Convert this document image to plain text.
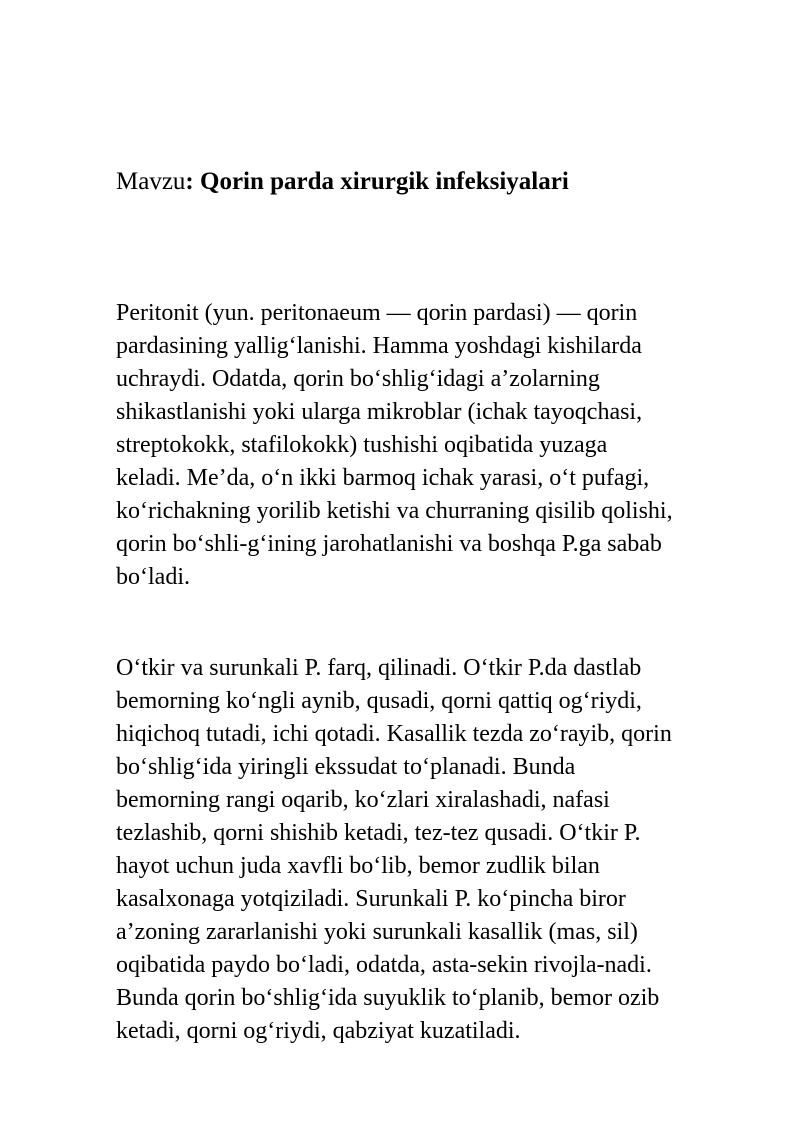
Mavzu: Qorin parda xirurgik infeksiyalari
Peritonit (yun. peritonaeum — qorin pardasi) — qorin
pardasining yallig‘lanishi. Hamma yoshdagi kishilarda
uchraydi. Odatda, qorin bo‘shlig‘idagi a’zolarning
shikastlanishi yoki ularga mikroblar (ichak tayoqchasi,
streptokokk, stafilokokk) tushishi oqibatida yuzaga
keladi. Me’da, o‘n ikki barmoq ichak yarasi, o‘t pufagi,
ko‘richakning yorilib ketishi va churraning qisilib qolishi,
qorin bo‘shli-g‘ining jarohatlanishi va boshqa P.ga sabab
bo‘ladi.
O‘tkir va surunkali P. farq, qilinadi. O‘tkir P.da dastlab
bemorning ko‘ngli aynib, qusadi, qorni qattiq og‘riydi,
hiqichoq tutadi, ichi qotadi. Kasallik tezda zo‘rayib, qorin
bo‘shlig‘ida yiringli ekssudat to‘planadi. Bunda
bemorning rangi oqarib, ko‘zlari xiralashadi, nafasi
tezlashib, qorni shishib ketadi, tez-tez qusadi. O‘tkir P.
hayot uchun juda xavfli bo‘lib, bemor zudlik bilan
kasalxonaga yotqiziladi. Surunkali P. ko‘pincha biror
a’zoning zararlanishi yoki surunkali kasallik (mas, sil)
oqibatida paydo bo‘ladi, odatda, asta-sekin rivojla-nadi.
Bunda qorin bo‘shlig‘ida suyuklik to‘planib, bemor ozib
ketadi, qorni og‘riydi, qabziyat kuzatiladi.
